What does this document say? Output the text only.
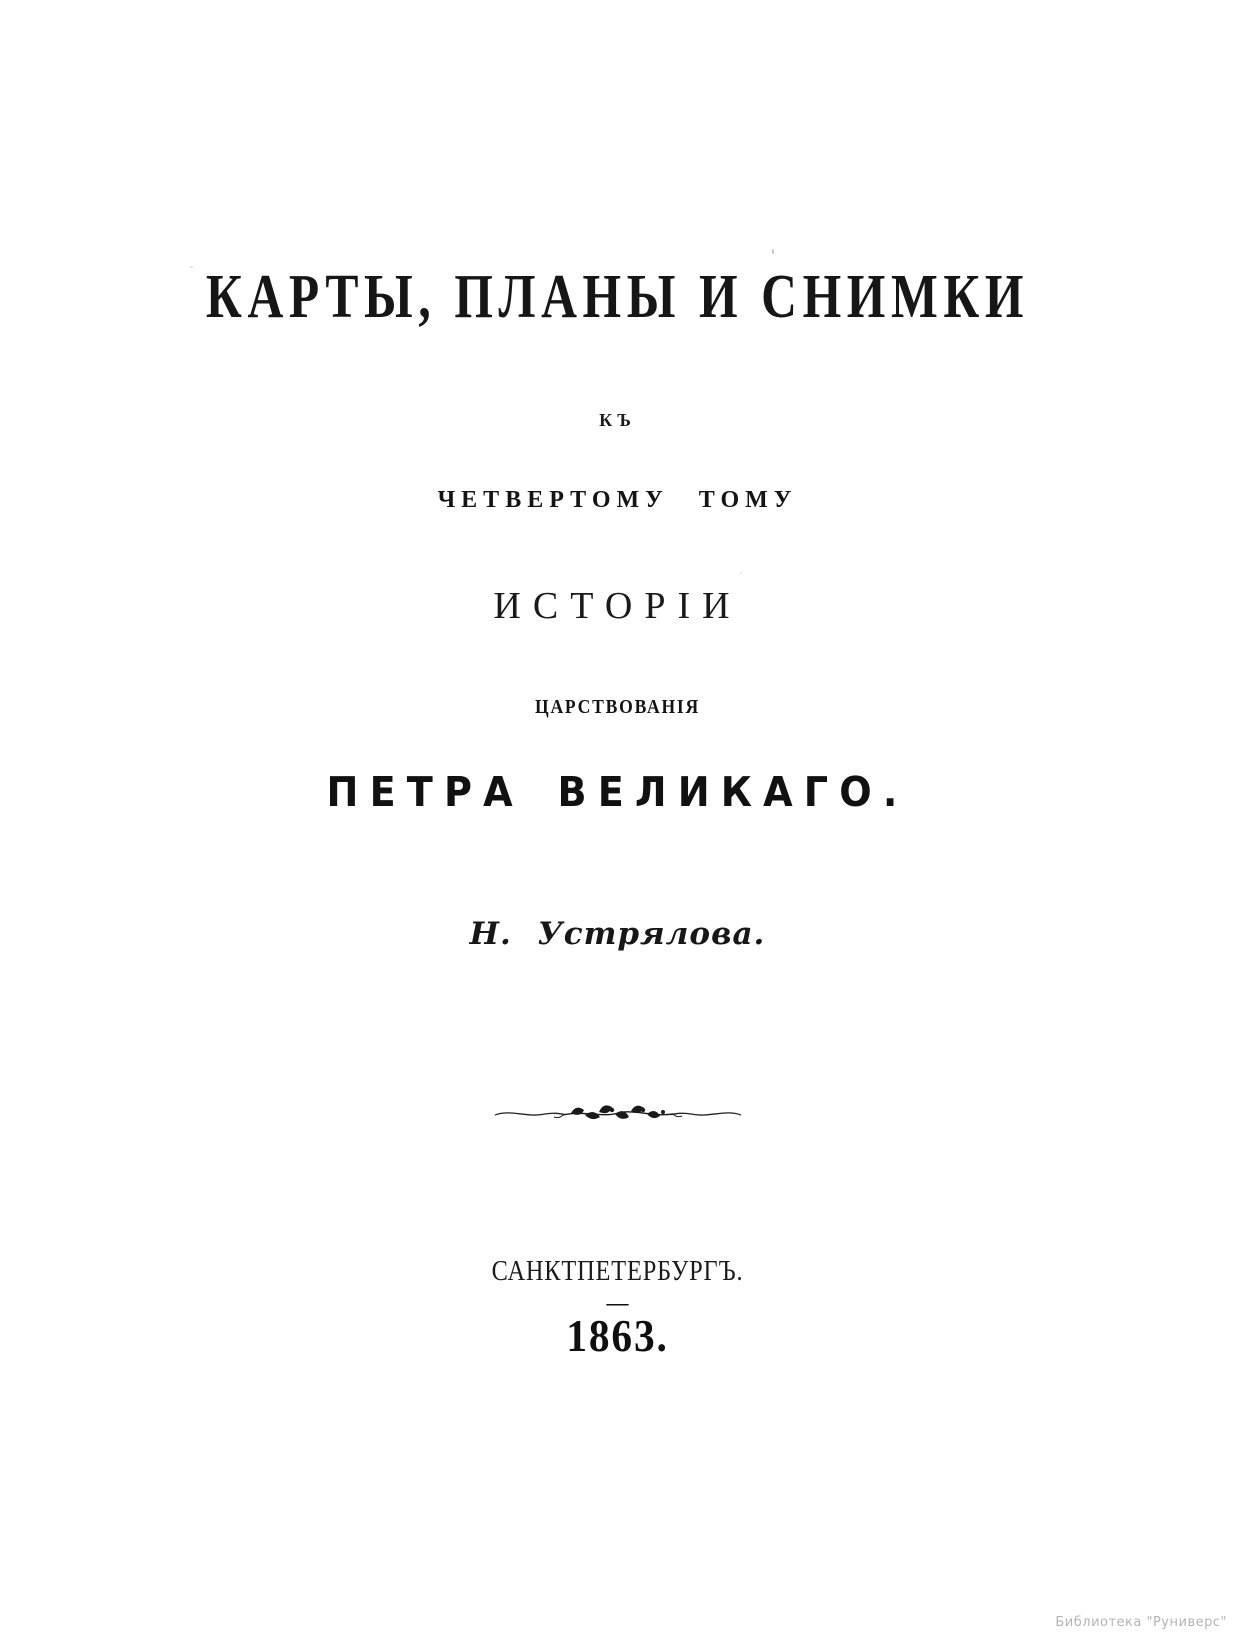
КАРТЫ, ПЛАНЫ И СНИМКИ
КЪ
ЧЕТВЕРТОМУ ТОМУ
ИСТОРІИ
ЦАРСТВОВАНІЯ
ПЕТРА ВЕЛИКАГО.
Н. Устрялова.
САНКТПЕТЕРБУРГЪ.
—
1863.
Библиотека "Руниверс"
